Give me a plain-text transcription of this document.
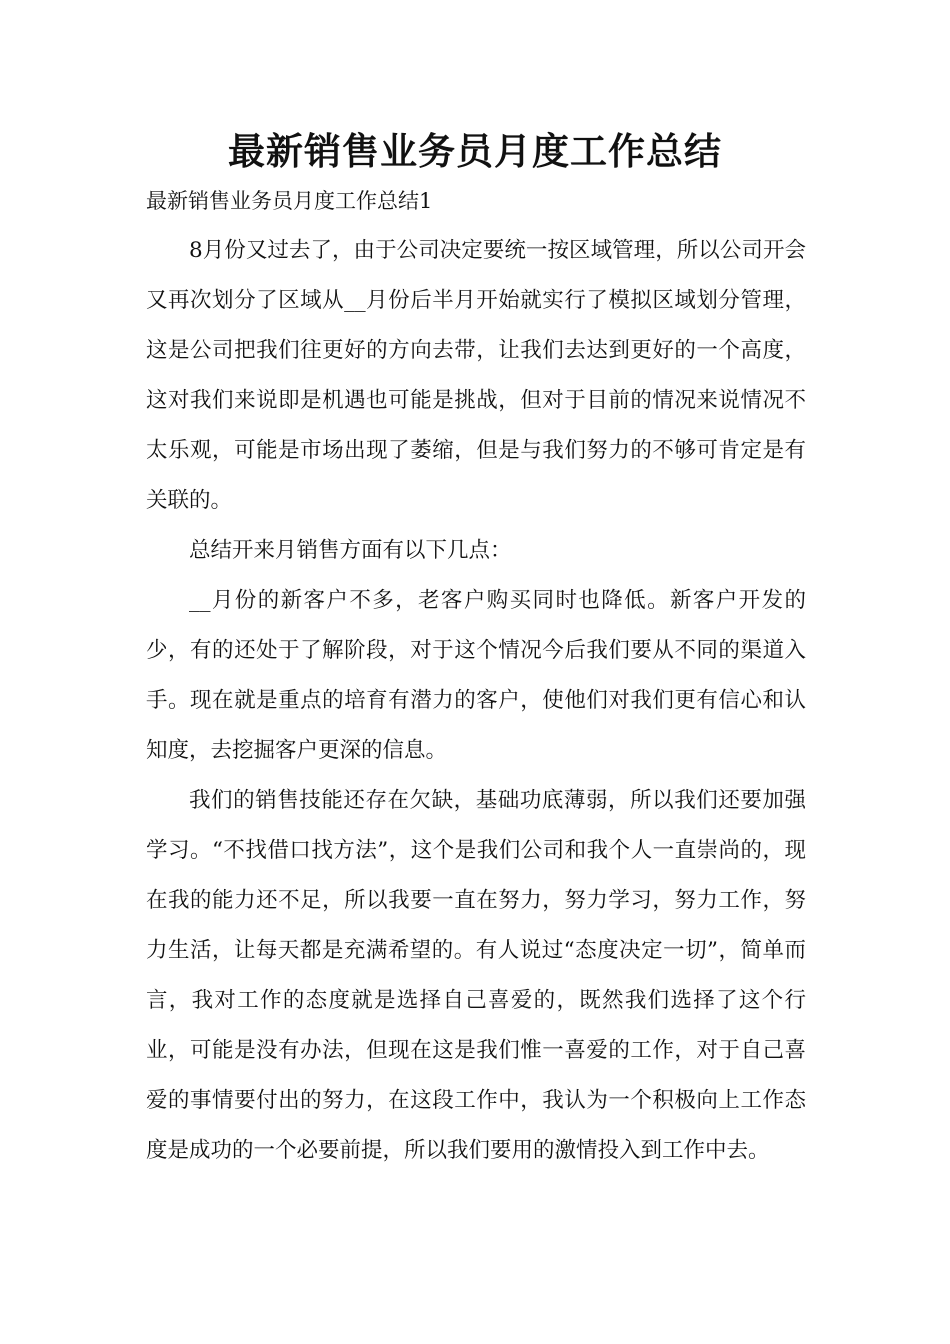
最新销售业务员月度工作总结
最新销售业务员月度工作总结1

8月份又过去了，由于公司决定要统一按区域管理，所以公司开会又再次划分了区域从__月份后半月开始就实行了模拟区域划分管理，这是公司把我们往更好的方向去带，让我们去达到更好的一个高度，这对我们来说即是机遇也可能是挑战，但对于目前的情况来说情况不太乐观，可能是市场出现了萎缩，但是与我们努力的不够可肯定是有关联的。

总结开来月销售方面有以下几点：

__月份的新客户不多，老客户购买同时也降低。新客户开发的少，有的还处于了解阶段，对于这个情况今后我们要从不同的渠道入手。现在就是重点的培育有潜力的客户，使他们对我们更有信心和认知度，去挖掘客户更深的信息。

我们的销售技能还存在欠缺，基础功底薄弱，所以我们还要加强学习。“不找借口找方法”，这个是我们公司和我个人一直崇尚的，现在我的能力还不足，所以我要一直在努力，努力学习，努力工作，努力生活，让每天都是充满希望的。有人说过“态度决定一切”，简单而言，我对工作的态度就是选择自己喜爱的，既然我们选择了这个行业，可能是没有办法，但现在这是我们惟一喜爱的工作，对于自己喜爱的事情要付出的努力，在这段工作中，我认为一个积极向上工作态度是成功的一个必要前提，所以我们要用的激情投入到工作中去。
